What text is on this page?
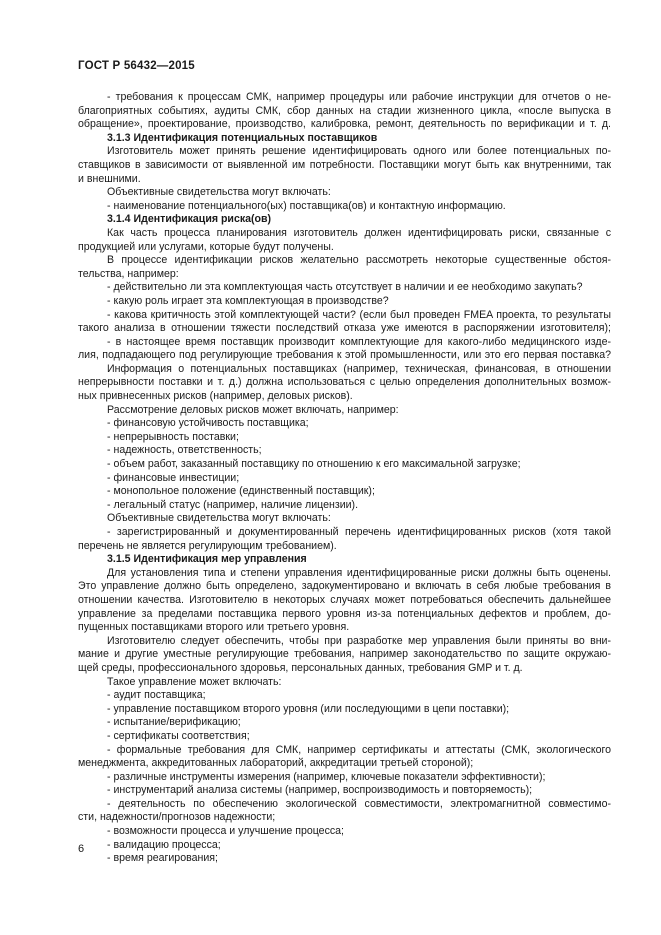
ГОСТ Р 56432—2015
- требования к процессам СМК, например процедуры или рабочие инструкции для отчетов о не-
благоприятных событиях, аудиты СМК, сбор данных на стадии жизненного цикла, «после выпуска в
обращение», проектирование, производство, калибровка, ремонт, деятельность по верификации и т. д.
3.1.3 Идентификация потенциальных поставщиков
Изготовитель может принять решение идентифицировать одного или более потенциальных по-
ставщиков в зависимости от выявленной им потребности. Поставщики могут быть как внутренними, так
и внешними.
Объективные свидетельства могут включать:
- наименование потенциального(ых) поставщика(ов) и контактную информацию.
3.1.4 Идентификация риска(ов)
Как часть процесса планирования изготовитель должен идентифицировать риски, связанные с
продукцией или услугами, которые будут получены.
В процессе идентификации рисков желательно рассмотреть некоторые существенные обстоя-
тельства, например:
- действительно ли эта комплектующая часть отсутствует в наличии и ее необходимо закупать?
- какую роль играет эта комплектующая в производстве?
- какова критичность этой комплектующей части? (если был проведен FMEA проекта, то результаты
такого анализа в отношении тяжести последствий отказа уже имеются в распоряжении изготовителя);
- в настоящее время поставщик производит комплектующие для какого-либо медицинского изде-
лия, подпадающего под регулирующие требования к этой промышленности, или это его первая поставка?
Информация о потенциальных поставщиках (например, техническая, финансовая, в отношении
непрерывности поставки и т. д.) должна использоваться с целью определения дополнительных возмож-
ных привнесенных рисков (например, деловых рисков).
Рассмотрение деловых рисков может включать, например:
- финансовую устойчивость поставщика;
- непрерывность поставки;
- надежность, ответственность;
- объем работ, заказанный поставщику по отношению к его максимальной загрузке;
- финансовые инвестиции;
- монопольное положение (единственный поставщик);
- легальный статус (например, наличие лицензии).
Объективные свидетельства могут включать:
- зарегистрированный и документированный перечень идентифицированных рисков (хотя такой
перечень не является регулирующим требованием).
3.1.5 Идентификация мер управления
Для установления типа и степени управления идентифицированные риски должны быть оценены.
Это управление должно быть определено, задокументировано и включать в себя любые требования в
отношении качества. Изготовителю в некоторых случаях может потребоваться обеспечить дальнейшее
управление за пределами поставщика первого уровня из-за потенциальных дефектов и проблем, до-
пущенных поставщиками второго или третьего уровня.
Изготовителю следует обеспечить, чтобы при разработке мер управления были приняты во вни-
мание и другие уместные регулирующие требования, например законодательство по защите окружаю-
щей среды, профессионального здоровья, персональных данных, требования GMP и т. д.
Такое управление может включать:
- аудит поставщика;
- управление поставщиком второго уровня (или последующими в цепи поставки);
- испытание/верификацию;
- сертификаты соответствия;
- формальные требования для СМК, например сертификаты и аттестаты (СМК, экологического
менеджмента, аккредитованных лабораторий, аккредитации третьей стороной);
- различные инструменты измерения (например, ключевые показатели эффективности);
- инструментарий анализа системы (например, воспроизводимость и повторяемость);
- деятельность по обеспечению экологической совместимости, электромагнитной совместимо-
сти, надежности/прогнозов надежности;
- возможности процесса и улучшение процесса;
- валидацию процесса;
- время реагирования;
6
